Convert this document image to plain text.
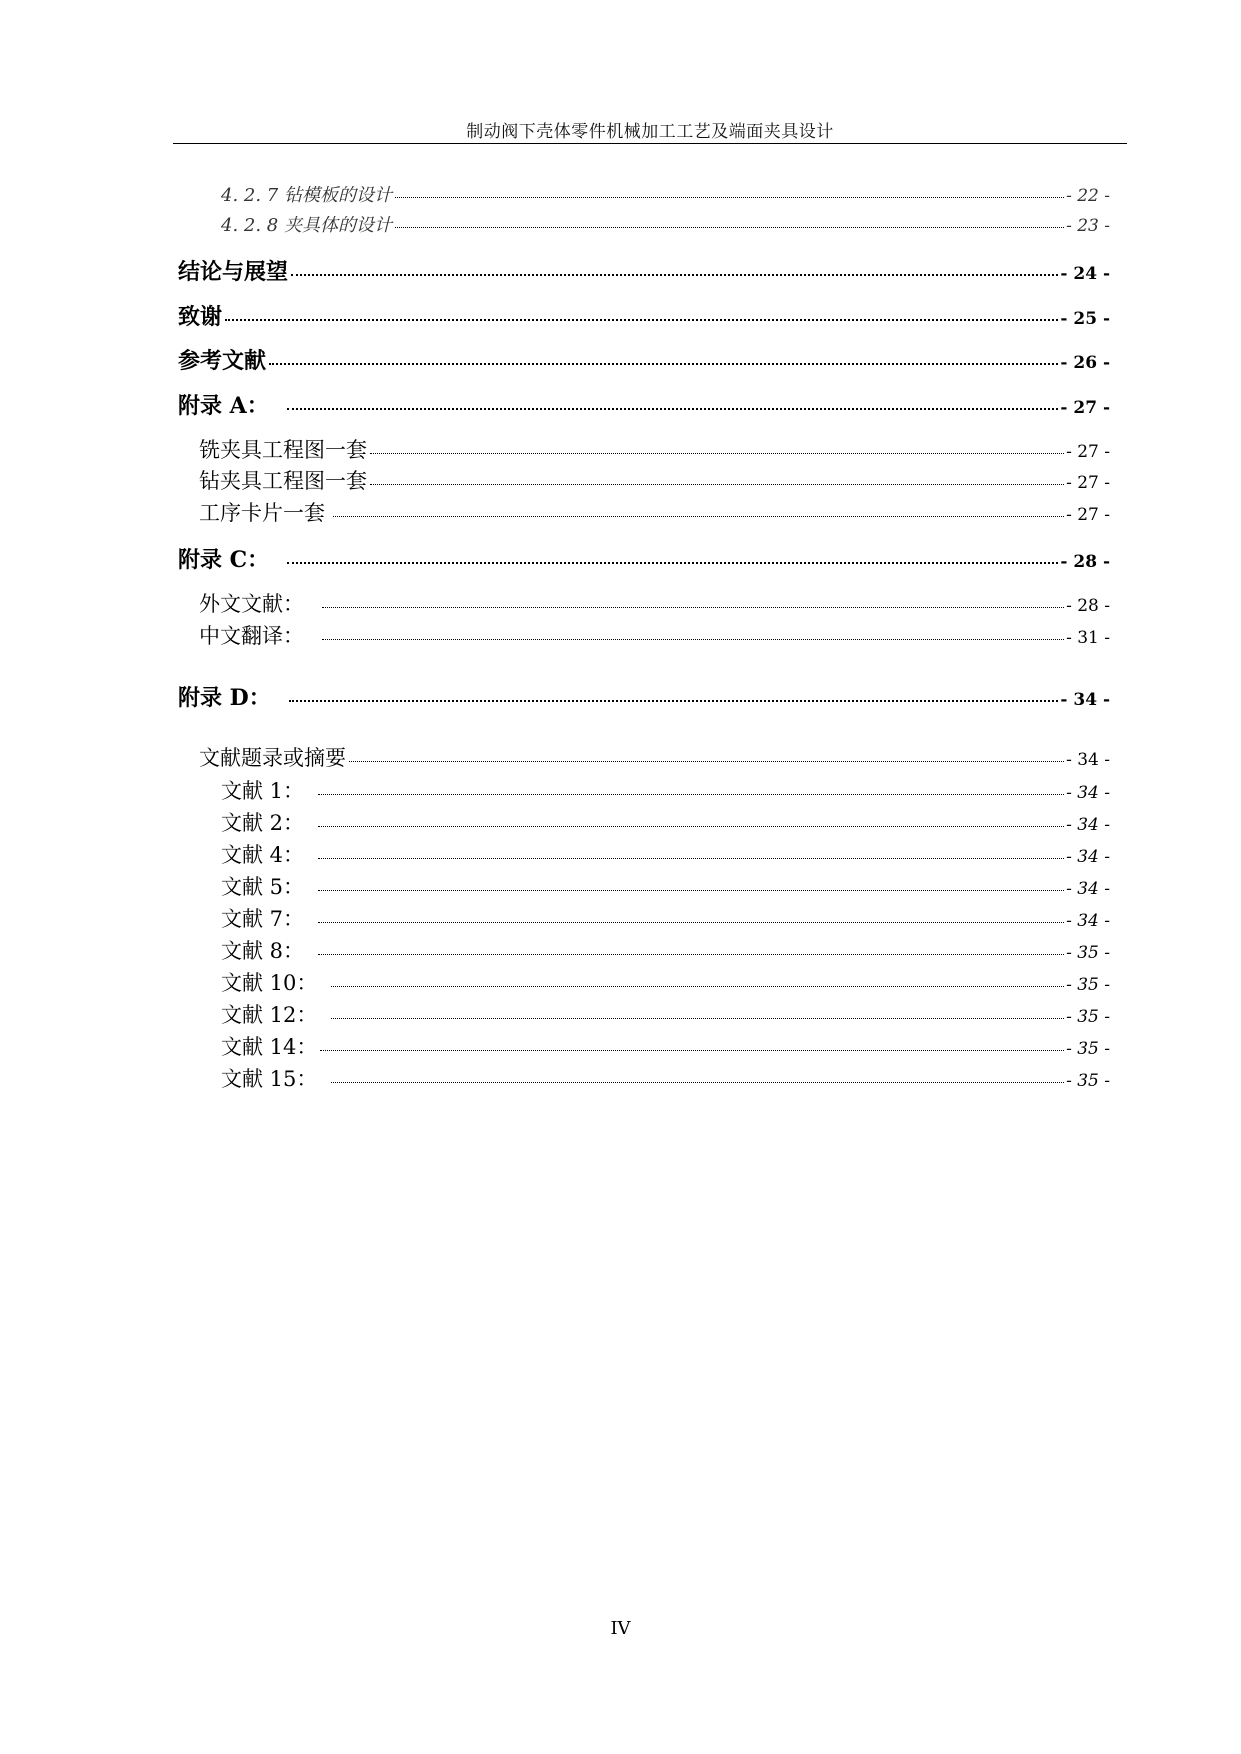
制动阀下壳体零件机械加工工艺及端面夹具设计
4. 2. 7 钻模板的设计	- 22 -
4. 2. 8 夹具体的设计	- 23 -
结论与展望	- 24 -
致谢	- 25 -
参考文献	- 26 -
附录 A：	- 27 -
铣夹具工程图一套	- 27 -
钻夹具工程图一套	- 27 -
工序卡片一套	- 27 -
附录 C：	- 28 -
外文文献：	- 28 -
中文翻译：	- 31 -
附录 D：	- 34 -
文献题录或摘要	- 34 -
文献 1：	- 34 -
文献 2：	- 34 -
文献 4：	- 34 -
文献 5：	- 34 -
文献 7：	- 34 -
文献 8：	- 35 -
文献 10：	- 35 -
文献 12：	- 35 -
文献 14：	- 35 -
文献 15：	- 35 -
IV
